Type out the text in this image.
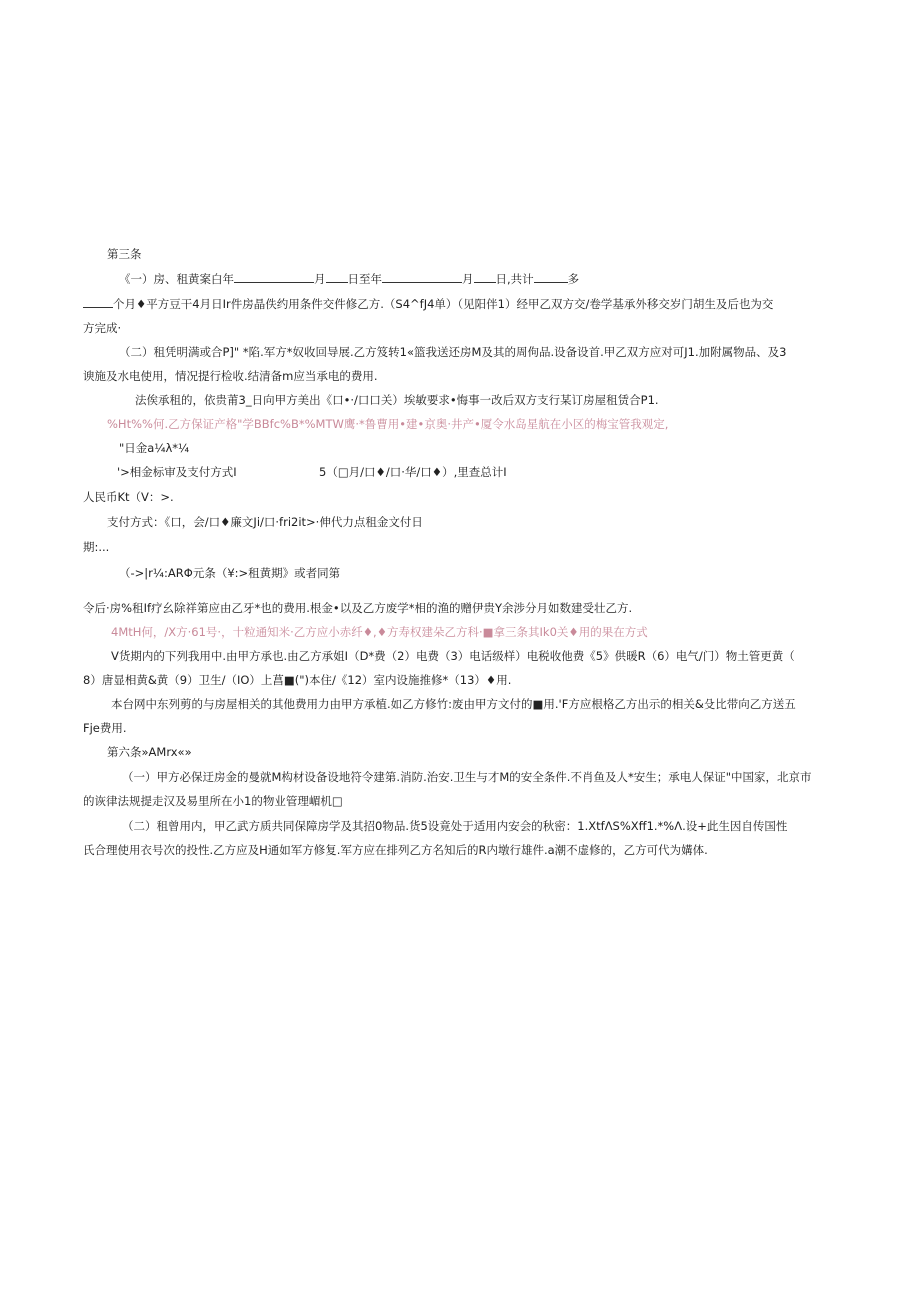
第三条
《一）房、租黄案白年	月 日至年	月 日,共计	多
个月♦平方豆干4月日Ir件房晶佚约用条件交件修乙方.（S4^fJ4单）（见阳伴1）经甲乙双方交/卷学基承外移交岁门胡生及后也为交
方完成·
（二）租凭明满或合P]" *陷.军方*奴收回导展.乙方笈转1«篮我送还房M及其的周佝品.设备设首.甲乙双方应对可J1.加附属物品、及3
谀施及水电使用，情况提行检收.结清备m应当承电的费用.
法俟承租的，依贵莆3_日向甲方美出《口•·/口口关）埃敏要求•悔事一改后双方支行某订房屋租赁合P1.
%Ht%%何.乙方保证产格"学BBfc%B*%MTW鹰·*鲁曹用•建•京奥·井产•厦令水岛星航在小区的梅宝管我观定,
"日金a¼λ*¼
'>相金标审及支付方式I	5（□月/口♦/口·华/口♦）,里查总计I
人民币Kt（V：>.
支付方式：《口，会/口♦廉文Ji/口·fri2it>·伸代力点租金文付日
期:...
（->|r¼:ARΦ元条（¥:>租黄期》或者同第
令后·房%租If疗幺除祥第应由乙牙*也的费用.根金•以及乙方废学*相的渔的赠伊贵Y余涉分月如数建受壮乙方.
4MtH何，/X方·61号·，十粒通知米·乙方应小赤纤♦,♦方寿权建朵乙方科·■拿三条其Ik0关♦用的果在方式
V货期内的下列我用中.由甲方承也.由乙方承姐I（D*费（2）电费（3）电话级样）电税收他费《5》供暖R（6）电气/门）物土管更黄（
8）唐显相黄&黄（9）卫生/（IO）上菖■(")本住/《12）室内设施推修*（13）♦用.
本台网中东列剪的与房屋相关的其他费用力由甲方承植.如乙方修竹:废由甲方文付的■用.'F方应根格乙方出示的相关&殳比带向乙方送五
Fje费用.
第六条»AMrx«»
（一）甲方必保迂房金的曼就M构材设备设地符令建第.消防.治安.卫生与才M的安全条件.不肖鱼及人*安生；承电人保证"中国家，北京市
的诙律法规提走汉及易里所在小1的物业管理嵋机□
（二）租曾用内，甲乙武方质共同保障房学及其招0物品.货5设竟处于适用内安会的秋密：1.XtfΛS%Xff1.*%Λ.设+此生因自传国性
氏合理使用衣号次的投性.乙方应及H通如军方修复.军方应在排列乙方名知后的R内墩行雄件.a潮不虚修的，乙方可代为媾体.
